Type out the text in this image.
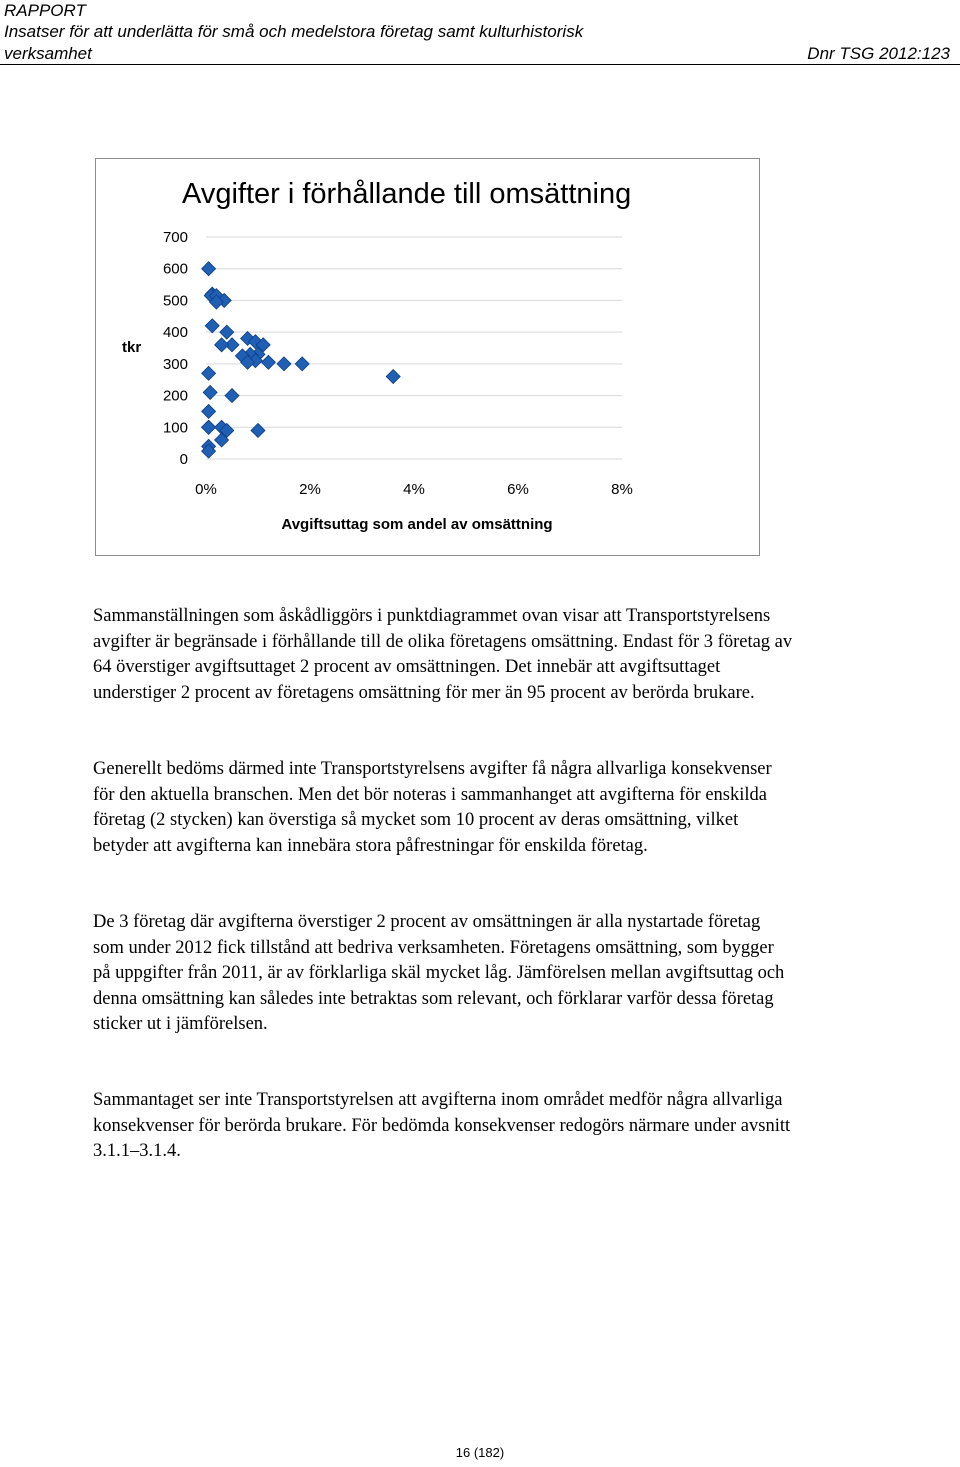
RAPPORT
Insatser för att underlätta för små och medelstora företag samt kulturhistorisk
verksamhet	Dnr TSG 2012:123
Avgifter i förhållande till omsättning
tkr
Avgiftsuttag som andel av omsättning
700
600
500
400
300
200
100
0
0%	2%	4%	6%	8%

Sammanställningen som åskådliggörs i punktdiagrammet ovan visar att Transportstyrelsens avgifter är begränsade i förhållande till de olika företagens omsättning. Endast för 3 företag av 64 överstiger avgiftsuttaget 2 procent av omsättningen. Det innebär att avgiftsuttaget understiger 2 procent av företagens omsättning för mer än 95 procent av berörda brukare.

Generellt bedöms därmed inte Transportstyrelsens avgifter få några allvarliga konsekvenser för den aktuella branschen. Men det bör noteras i sammanhanget att avgifterna för enskilda företag (2 stycken) kan överstiga så mycket som 10 procent av deras omsättning, vilket betyder att avgifterna kan innebära stora påfrestningar för enskilda företag.

De 3 företag där avgifterna överstiger 2 procent av omsättningen är alla nystartade företag som under 2012 fick tillstånd att bedriva verksamheten. Företagens omsättning, som bygger på uppgifter från 2011, är av förklarliga skäl mycket låg. Jämförelsen mellan avgiftsuttag och denna omsättning kan således inte betraktas som relevant, och förklarar varför dessa företag sticker ut i jämförelsen.

Sammantaget ser inte Transportstyrelsen att avgifterna inom området medför några allvarliga konsekvenser för berörda brukare. För bedömda konsekvenser redogörs närmare under avsnitt 3.1.1–3.1.4.

16 (182)
